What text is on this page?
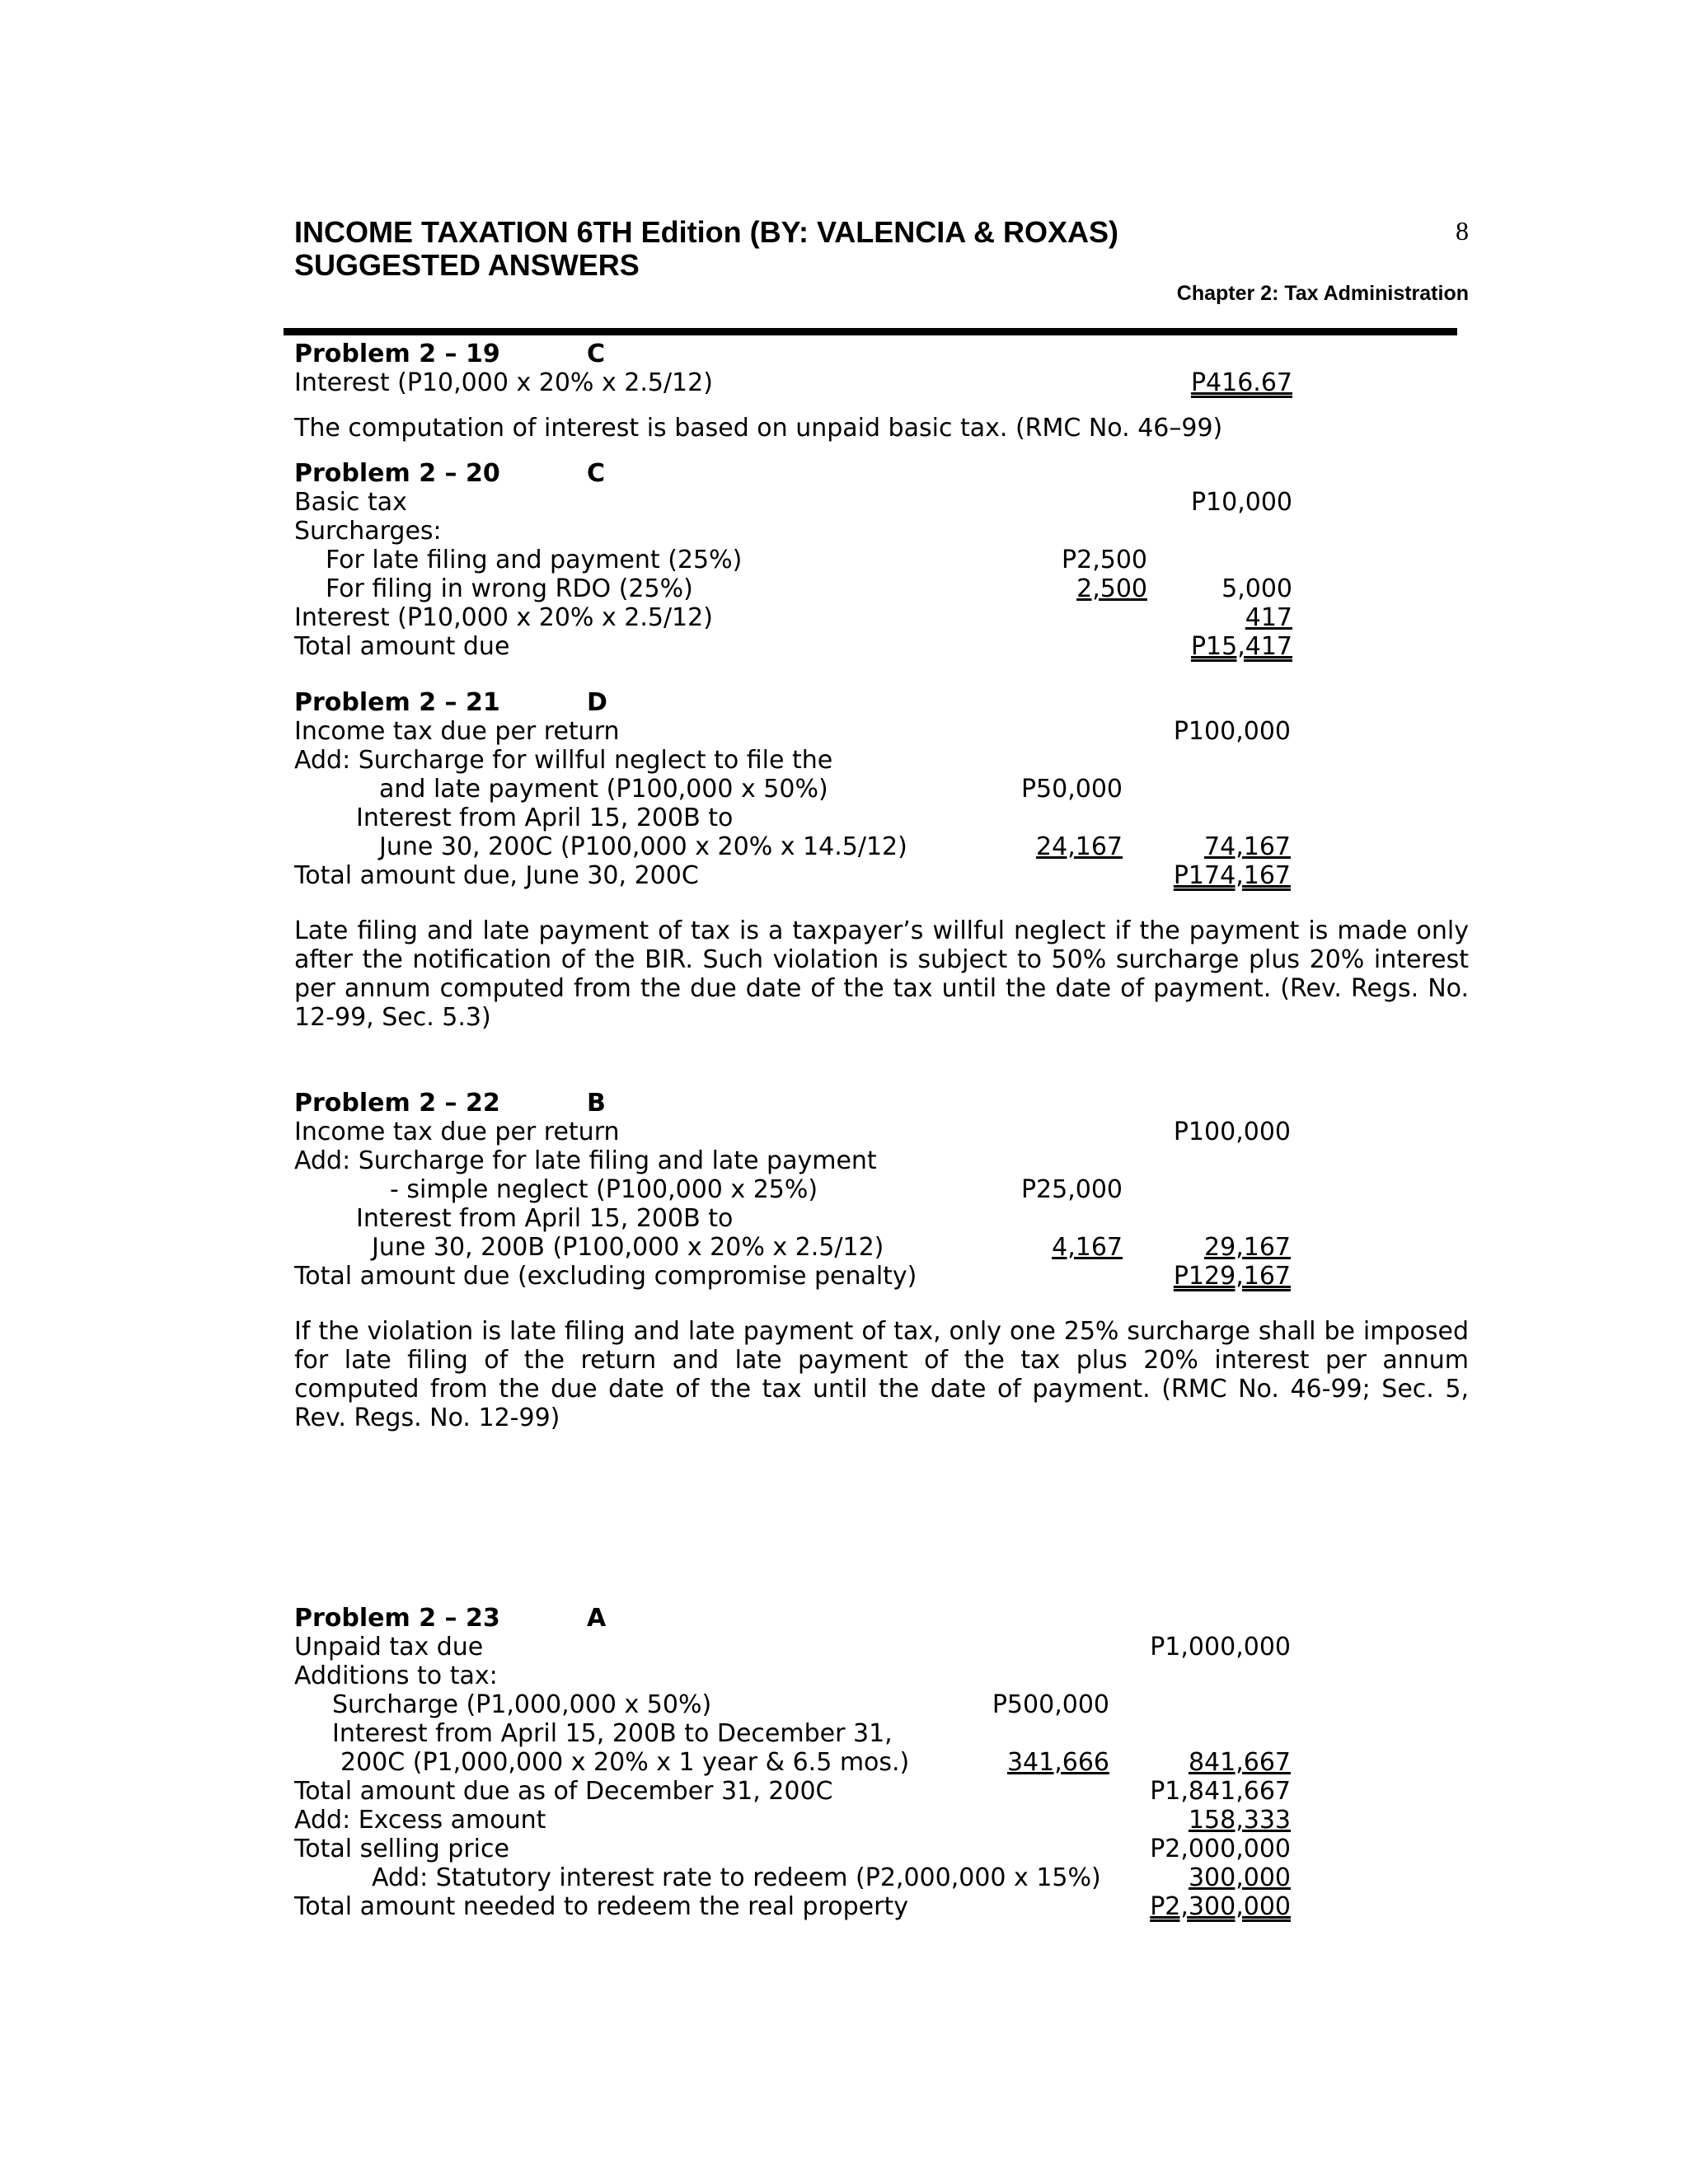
INCOME TAXATION 6TH Edition (BY: VALENCIA & ROXAS)
SUGGESTED ANSWERS
8
Chapter 2: Tax Administration
Problem 2 – 19	C
Interest (P10,000 x 20% x 2.5/12)	P416.67
The computation of interest is based on unpaid basic tax. (RMC No. 46–99)
Problem 2 – 20	C
Basic tax	P10,000
Surcharges:
For late filing and payment (25%)	P2,500
For filing in wrong RDO (25%)	2,500	5,000
Interest (P10,000 x 20% x 2.5/12)	417
Total amount due	P15,417
Problem 2 – 21	D
Income tax due per return	P100,000
Add: Surcharge for willful neglect to file the
and late payment (P100,000 x 50%)	P50,000
Interest from April 15, 200B to
June 30, 200C (P100,000 x 20% x 14.5/12)	24,167	74,167
Total amount due, June 30, 200C	P174,167
Late filing and late payment of tax is a taxpayer’s willful neglect if the payment is made only after the notification of the BIR. Such violation is subject to 50% surcharge plus 20% interest per annum computed from the due date of the tax until the date of payment. (Rev. Regs. No. 12-99, Sec. 5.3)
Problem 2 – 22	B
Income tax due per return	P100,000
Add: Surcharge for late filing and late payment
- simple neglect (P100,000 x 25%)	P25,000
Interest from April 15, 200B to
June 30, 200B (P100,000 x 20% x 2.5/12)	4,167	29,167
Total amount due (excluding compromise penalty)	P129,167
If the violation is late filing and late payment of tax, only one 25% surcharge shall be imposed for late filing of the return and late payment of the tax plus 20% interest per annum computed from the due date of the tax until the date of payment. (RMC No. 46-99; Sec. 5, Rev. Regs. No. 12-99)
Problem 2 – 23	A
Unpaid tax due	P1,000,000
Additions to tax:
Surcharge (P1,000,000 x 50%)	P500,000
Interest from April 15, 200B to December 31,
200C (P1,000,000 x 20% x 1 year & 6.5 mos.)	341,666	841,667
Total amount due as of December 31, 200C	P1,841,667
Add: Excess amount	158,333
Total selling price	P2,000,000
Add: Statutory interest rate to redeem (P2,000,000 x 15%)	300,000
Total amount needed to redeem the real property	P2,300,000
